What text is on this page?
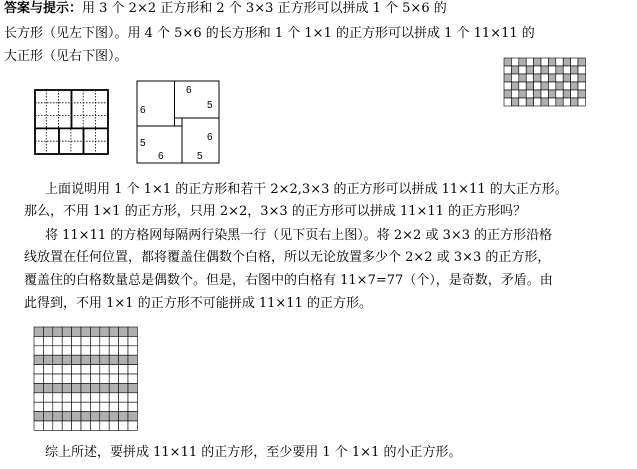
答案与提示：用 3 个 2×2 正方形和 2 个 3×3 正方形可以拼成 1 个 5×6 的
长方形（见左下图）。用 4 个 5×6 的长方形和 1 个 1×1 的正方形可以拼成 1 个 11×11 的
大正形（见右下图）。
6
6	5
5
6
6	5
上面说明用 1 个 1×1 的正方形和若干 2×2,3×3 的正方形可以拼成 11×11 的大正方形。
那么，不用 1×1 的正方形，只用 2×2，3×3 的正方形可以拼成 11×11 的正方形吗？
将 11×11 的方格网每隔两行染黑一行（见下页右上图）。将 2×2 或 3×3 的正方形沿格
线放置在任何位置，都将覆盖住偶数个白格，所以无论放置多少个 2×2 或 3×3 的正方形，
覆盖住的白格数量总是偶数个。但是，右图中的白格有 11×7=77（个），是奇数，矛盾。由
此得到，不用 1×1 的正方形不可能拼成 11×11 的正方形。
综上所述，要拼成 11×11 的正方形，至少要用 1 个 1×1 的小正方形。
